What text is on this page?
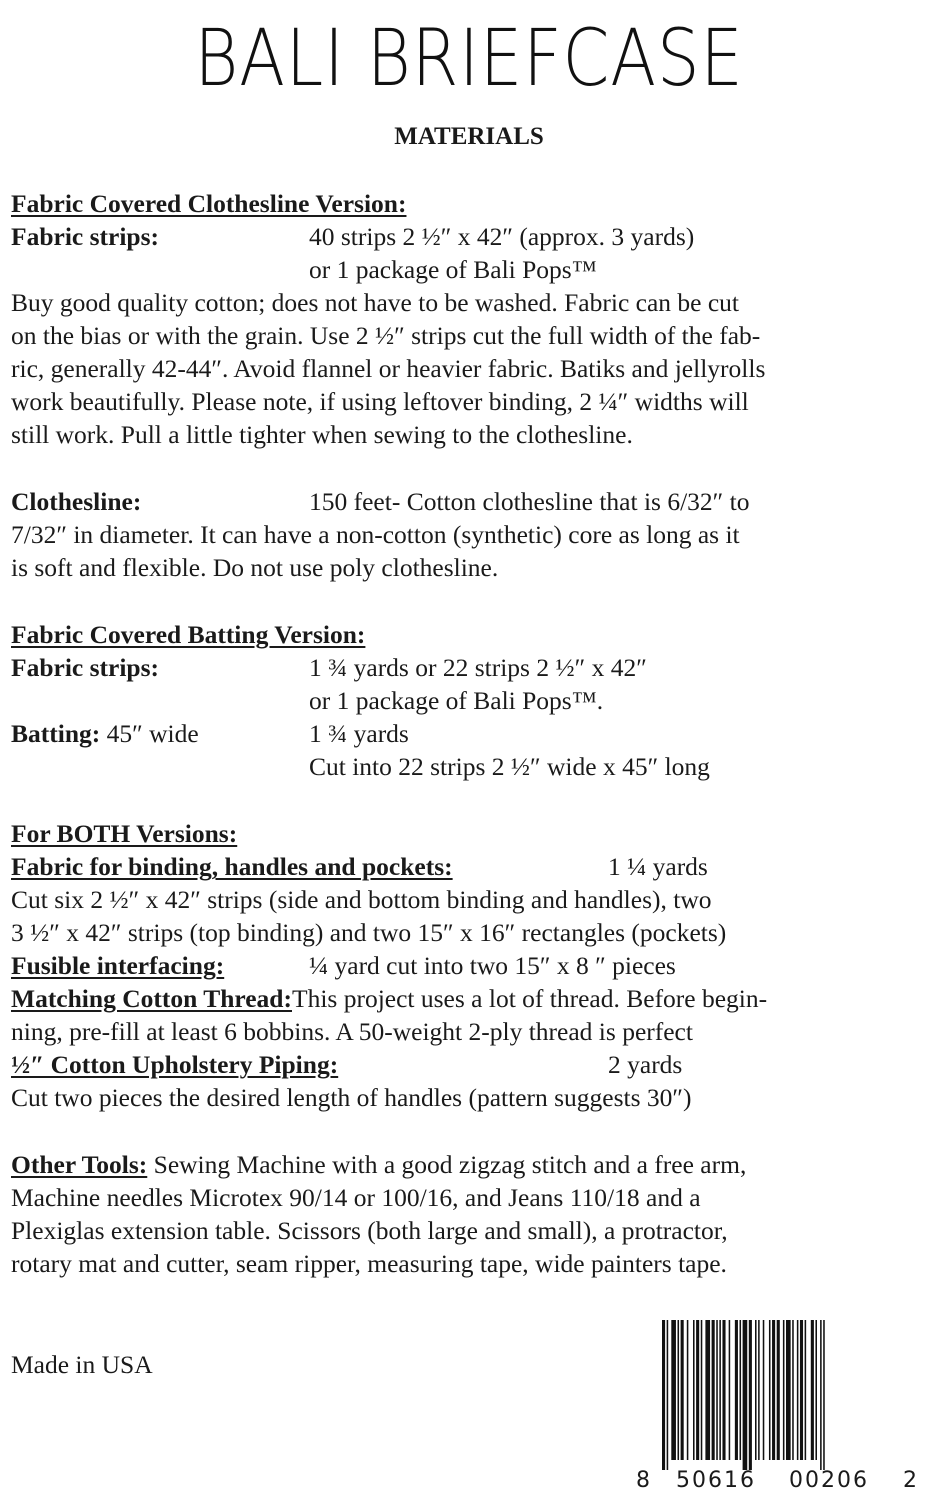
BALI BRIEFCASE
MATERIALS
Fabric Covered Clothesline Version:
Fabric strips:	40 strips 2 ½″ x 42″ (approx. 3 yards)
or 1 package of Bali Pops™
Buy good quality cotton; does not have to be washed. Fabric can be cut
on the bias or with the grain. Use 2 ½″ strips cut the full width of the fab-
ric, generally 42-44″. Avoid flannel or heavier fabric. Batiks and jellyrolls
work beautifully. Please note, if using leftover binding, 2 ¼″ widths will
still work. Pull a little tighter when sewing to the clothesline.
Clothesline:	150 feet- Cotton clothesline that is 6/32″ to
7/32″ in diameter. It can have a non-cotton (synthetic) core as long as it
is soft and flexible. Do not use poly clothesline.
Fabric Covered Batting Version:
Fabric strips:	1 ¾ yards or 22 strips 2 ½″ x 42″
or 1 package of Bali Pops™.
Batting: 45″ wide	1 ¾ yards
Cut into 22 strips 2 ½″ wide x 45″ long
For BOTH Versions:
Fabric for binding, handles and pockets:	1 ¼ yards
Cut six 2 ½″ x 42″ strips (side and bottom binding and handles), two
3 ½″ x 42″ strips (top binding) and two 15″ x 16″ rectangles (pockets)
Fusible interfacing:	¼ yard cut into two 15″ x 8 ″ pieces
Matching Cotton Thread:This project uses a lot of thread. Before begin-
ning, pre-fill at least 6 bobbins. A 50-weight 2-ply thread is perfect
½″ Cotton Upholstery Piping:	2 yards
Cut two pieces the desired length of handles (pattern suggests 30″)
Other Tools: Sewing Machine with a good zigzag stitch and a free arm,
Machine needles Microtex 90/14 or 100/16, and Jeans 110/18 and a
Plexiglas extension table. Scissors (both large and small), a protractor,
rotary mat and cutter, seam ripper, measuring tape, wide painters tape.
Made in USA
8 50616 00206 2
